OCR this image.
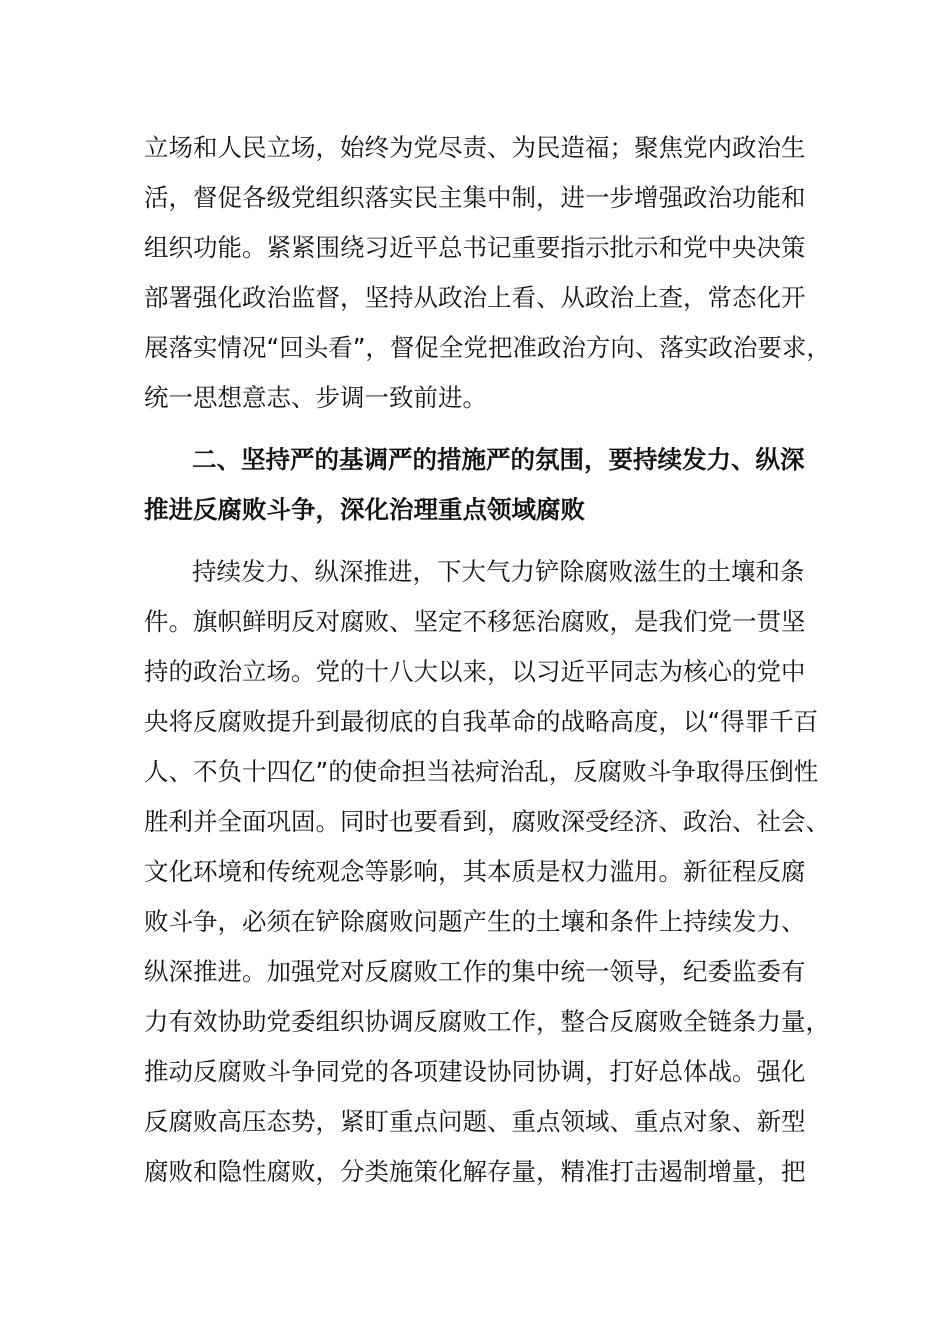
立场和人民立场，始终为党尽责、为民造福；聚焦党内政治生
活，督促各级党组织落实民主集中制，进一步增强政治功能和
组织功能。紧紧围绕习近平总书记重要指示批示和党中央决策
部署强化政治监督，坚持从政治上看、从政治上查，常态化开
展落实情况“回头看”，督促全党把准政治方向、落实政治要求，
统一思想意志、步调一致前进。
二、坚持严的基调严的措施严的氛围，要持续发力、纵深
推进反腐败斗争，深化治理重点领域腐败
持续发力、纵深推进，下大气力铲除腐败滋生的土壤和条
件。旗帜鲜明反对腐败、坚定不移惩治腐败，是我们党一贯坚
持的政治立场。党的十八大以来，以习近平同志为核心的党中
央将反腐败提升到最彻底的自我革命的战略高度，以“得罪千百
人、不负十四亿”的使命担当祛疴治乱，反腐败斗争取得压倒性
胜利并全面巩固。同时也要看到，腐败深受经济、政治、社会、
文化环境和传统观念等影响，其本质是权力滥用。新征程反腐
败斗争，必须在铲除腐败问题产生的土壤和条件上持续发力、
纵深推进。加强党对反腐败工作的集中统一领导，纪委监委有
力有效协助党委组织协调反腐败工作，整合反腐败全链条力量，
推动反腐败斗争同党的各项建设协同协调，打好总体战。强化
反腐败高压态势，紧盯重点问题、重点领域、重点对象、新型
腐败和隐性腐败，分类施策化解存量，精准打击遏制增量，把
